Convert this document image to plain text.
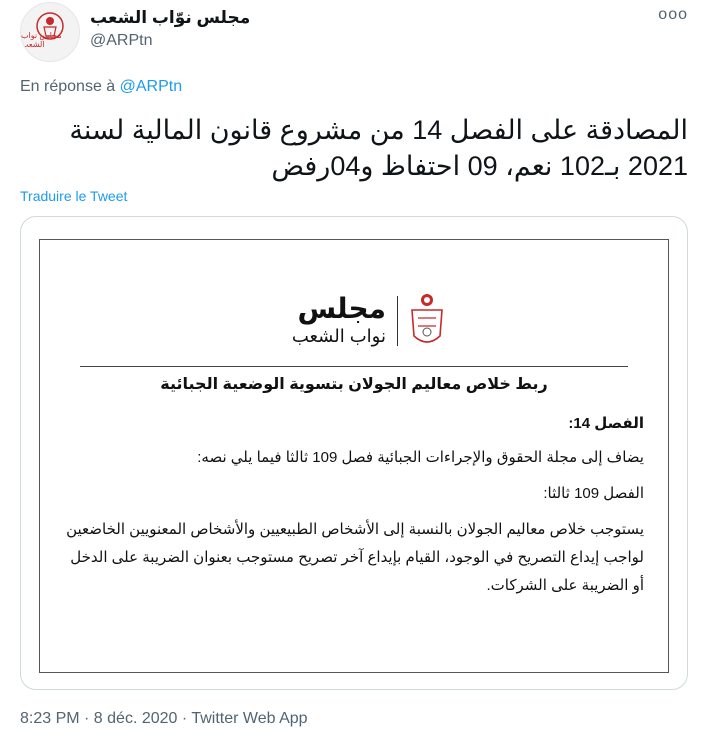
مجلس نواب الشعب
مجلس نوّاب الشعب
@ARPtn
ooo
En réponse à @ARPtn
المصادقة على الفصل 14 من مشروع قانون المالية لسنة
2021 بـ102 نعم، 09 احتفاظ و04رفض
Traduire le Tweet
مجلس
نواب الشعب
ربط خلاص معاليم الجولان بتسوية الوضعية الجبائية
الفصل 14:
يضاف إلى مجلة الحقوق والإجراءات الجبائية فصل 109 ثالثا فيما يلي نصه:
الفصل 109 ثالثا:
يستوجب خلاص معاليم الجولان بالنسبة إلى الأشخاص الطبيعيين والأشخاص المعنويين الخاضعين
لواجب إيداع التصريح في الوجود، القيام بإيداع آخر تصريح مستوجب بعنوان الضريبة على الدخل
أو الضريبة على الشركات.
8:23 PM · 8 déc. 2020 · Twitter Web App
